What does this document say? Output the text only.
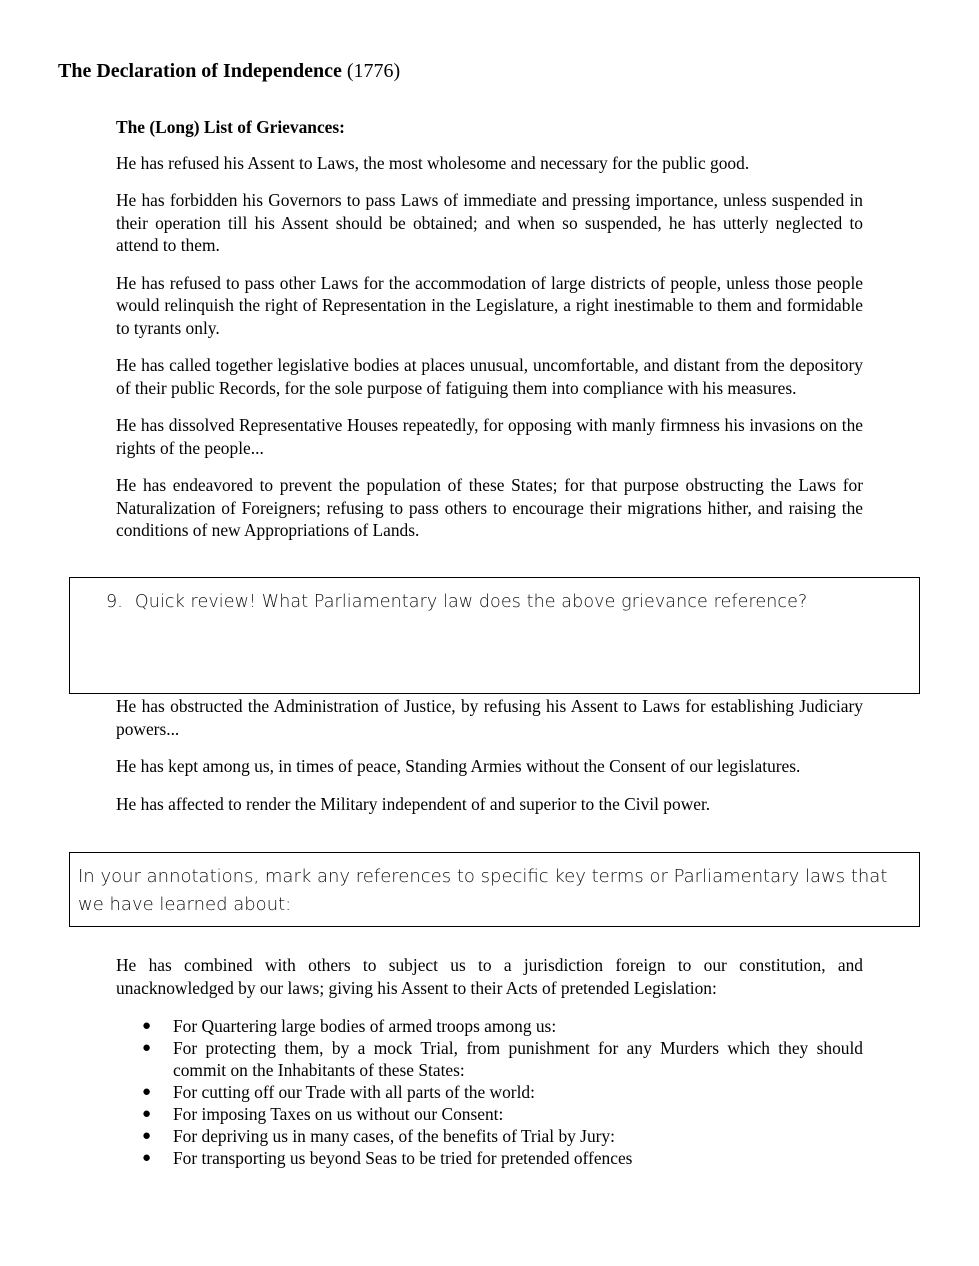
The Declaration of Independence (1776)

The (Long) List of Grievances:

He has refused his Assent to Laws, the most wholesome and necessary for the public good.

He has forbidden his Governors to pass Laws of immediate and pressing importance, unless suspended in their operation till his Assent should be obtained; and when so suspended, he has utterly neglected to attend to them.

He has refused to pass other Laws for the accommodation of large districts of people, unless those people would relinquish the right of Representation in the Legislature, a right inestimable to them and formidable to tyrants only.

He has called together legislative bodies at places unusual, uncomfortable, and distant from the depository of their public Records, for the sole purpose of fatiguing them into compliance with his measures.

He has dissolved Representative Houses repeatedly, for opposing with manly firmness his invasions on the rights of the people...

He has endeavored to prevent the population of these States; for that purpose obstructing the Laws for Naturalization of Foreigners; refusing to pass others to encourage their migrations hither, and raising the conditions of new Appropriations of Lands.

9. Quick review! What Parliamentary law does the above grievance reference?

He has obstructed the Administration of Justice, by refusing his Assent to Laws for establishing Judiciary powers...

He has kept among us, in times of peace, Standing Armies without the Consent of our legislatures.

He has affected to render the Military independent of and superior to the Civil power.

In your annotations, mark any references to specific key terms or Parliamentary laws that we have learned about:

He has combined with others to subject us to a jurisdiction foreign to our constitution, and unacknowledged by our laws; giving his Assent to their Acts of pretended Legislation:

● For Quartering large bodies of armed troops among us:
● For protecting them, by a mock Trial, from punishment for any Murders which they should commit on the Inhabitants of these States:
● For cutting off our Trade with all parts of the world:
● For imposing Taxes on us without our Consent:
● For depriving us in many cases, of the benefits of Trial by Jury:
● For transporting us beyond Seas to be tried for pretended offences
